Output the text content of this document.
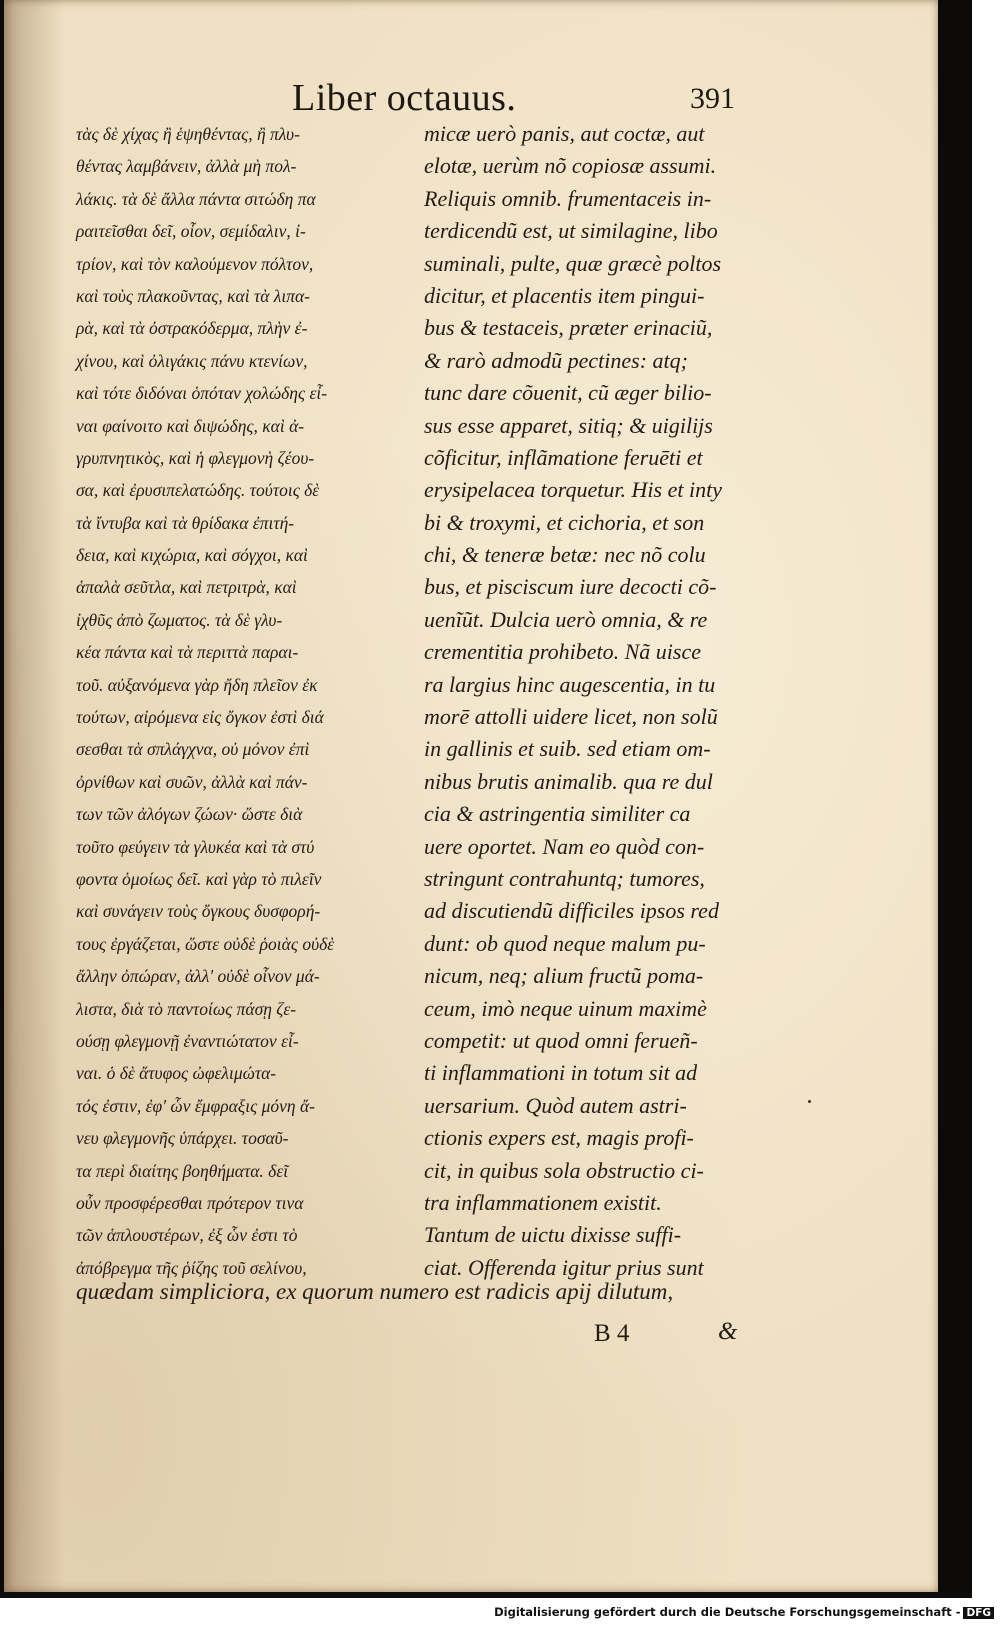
Liber octauus.	391
τὰς δὲ χίχας ἢ ἑψηθέντας, ἢ πλυ-
θέντας λαμβάνειν, ἀλλὰ μὴ πολ-
λάκις. τὰ δὲ ἄλλα πάντα σιτώδη πα
ραιτεῖσθαι δεῖ, οἷον, σεμίδαλιν, ἰ-
τρίον, καὶ τὸν καλούμενον πόλτον,
καὶ τοὺς πλακοῦντας, καὶ τὰ λιπα-
ρὰ, καὶ τὰ ὀστρακόδερμα, πλὴν ἐ-
χίνου, καὶ ὀλιγάκις πάνυ κτενίων,
καὶ τότε διδόναι ὁπόταν χολώδης εἶ-
ναι φαίνοιτο καὶ διψώδης, καὶ ἀ-
γρυπνητικὸς, καὶ ἡ φλεγμονὴ ζέου-
σα, καὶ ἐρυσιπελατώδης. τούτοις δὲ
τὰ ἴντυβα καὶ τὰ θρίδακα ἐπιτή-
δεια, καὶ κιχώρια, καὶ σόγχοι, καὶ
ἁπαλὰ σεῦτλα, καὶ πετριτρὰ, καὶ
ἰχθῦς ἀπὸ ζωματος. τὰ δὲ γλυ-
κέα πάντα καὶ τὰ περιττὰ παραι-
τοῦ. αὐξανόμενα γὰρ ἤδη πλεῖον ἐκ
τούτων, αἰρόμενα εἰς ὄγκον ἐστὶ διά
σεσθαι τὰ σπλάγχνα, οὐ μόνον ἐπὶ
ὀρνίθων καὶ συῶν, ἀλλὰ καὶ πάν-
των τῶν ἀλόγων ζώων· ὥστε διὰ
τοῦτο φεύγειν τὰ γλυκέα καὶ τὰ στύ
φοντα ὁμοίως δεῖ. καὶ γὰρ τὸ πιλεῖν
καὶ συνάγειν τοὺς ὄγκους δυσφορή-
τους ἐργάζεται, ὥστε οὐδὲ ῥοιὰς οὐδὲ
ἄλλην ὀπώραν, ἀλλ' οὐδὲ οἶνον μά-
λιστα, διὰ τὸ παντοίως πάσῃ ζε-
ούσῃ φλεγμονῇ ἐναντιώτατον εἶ-
ναι. ὁ δὲ ἄτυφος ὠφελιμώτα-
τός ἐστιν, ἐφ' ὧν ἔμφραξις μόνη ἄ-
νευ φλεγμονῆς ὑπάρχει. τοσαῦ-
τα περὶ διαίτης βοηθήματα. δεῖ
οὖν προσφέρεσθαι πρότερον τινα
τῶν ἁπλουστέρων, ἐξ ὧν ἐστι τὸ
ἀπόβρεγμα τῆς ῥίζης τοῦ σελίνου,
micæ uerò panis, aut coctæ, aut
elotæ, uerùm nõ copiosæ assumi.
Reliquis omnib. frumentaceis in-
terdicendũ est, ut similagine, libo
suminali, pulte, quæ græcè poltos
dicitur, et placentis item pingui-
bus & testaceis, præter erinaciũ,
& rarò admodũ pectines: atq;
tunc dare cõuenit, cũ æger bilio-
sus esse apparet, sitiq; & uigilijs
cõficitur, inflãmatione feruēti et
erysipelacea torquetur. His et inty
bi & troxymi, et cichoria, et son
chi, & teneræ betæ: nec nõ colu
bus, et pisciscum iure decocti cõ-
uenĩũt. Dulcia uerò omnia, & re
crementitia prohibeto. Nã uisce
ra largius hinc augescentia, in tu
morē attolli uidere licet, non solũ
in gallinis et suib. sed etiam om-
nibus brutis animalib. qua re dul
cia & astringentia similiter ca
uere oportet. Nam eo quòd con-
stringunt contrahuntq; tumores,
ad discutiendũ difficiles ipsos red
dunt: ob quod neque malum pu-
nicum, neq; alium fructũ poma-
ceum, imò neque uinum maximè
competit: ut quod omni ferueñ-
ti inflammationi in totum sit ad
uersarium. Quòd autem astri-
ctionis expers est, magis profi-
cit, in quibus sola obstructio ci-
tra inflammationem existit.
Tantum de uictu dixisse suffi-
ciat. Offerenda igitur prius sunt
quædam simpliciora, ex quorum numero est radicis apij dilutum,
B 4	&
Digitalisierung gefördert durch die Deutsche Forschungsgemeinschaft - DFG
